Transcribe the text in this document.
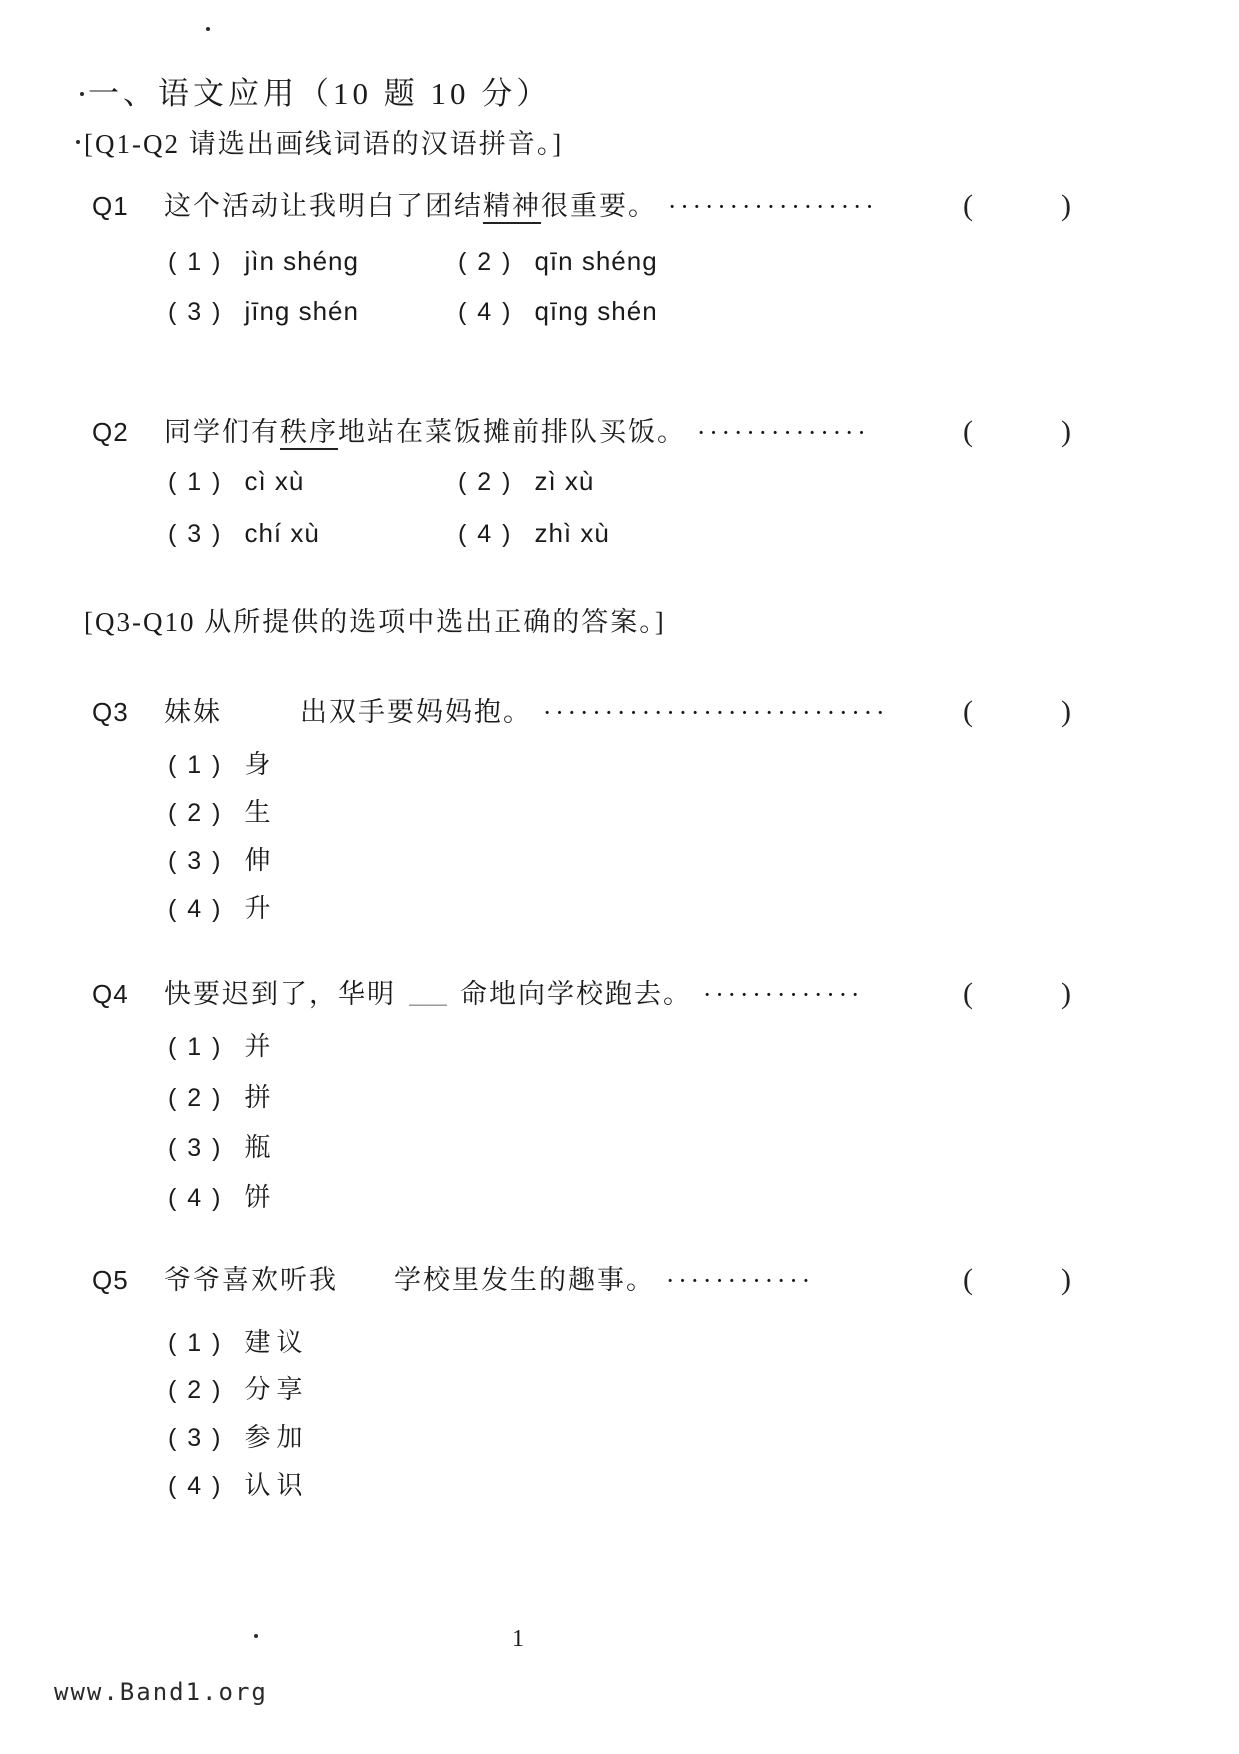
一、语文应用（10 题 10 分）
[Q1-Q2 请选出画线词语的汉语拼音。]
Q1	这个活动让我明白了团结精神很重要。 ·················	(	)
( 1 ) jìn shéng	( 2 ) qīn shéng
( 3 ) jīng shén	( 4 ) qīng shén
Q2	同学们有秩序地站在菜饭摊前排队买饭。 ··············	(	)
( 1 ) cì xù	( 2 ) zì xù
( 3 ) chí xù	( 4 ) zhì xù
[Q3-Q10 从所提供的选项中选出正确的答案。]
Q3	妹妹	出双手要妈妈抱。 ····························	(	)
( 1 ) 身
( 2 ) 生
( 3 ) 伸
( 4 ) 升
Q4	快要迟到了，华明 ＿＿ 命地向学校跑去。 ·············	(	)
( 1 ) 并
( 2 ) 拼
( 3 ) 瓶
( 4 ) 饼
Q5	爷爷喜欢听我 学校里发生的趣事。 ············	(	)
( 1 ) 建议
( 2 ) 分享
( 3 ) 参加
( 4 ) 认识
1
www.Band1.org
